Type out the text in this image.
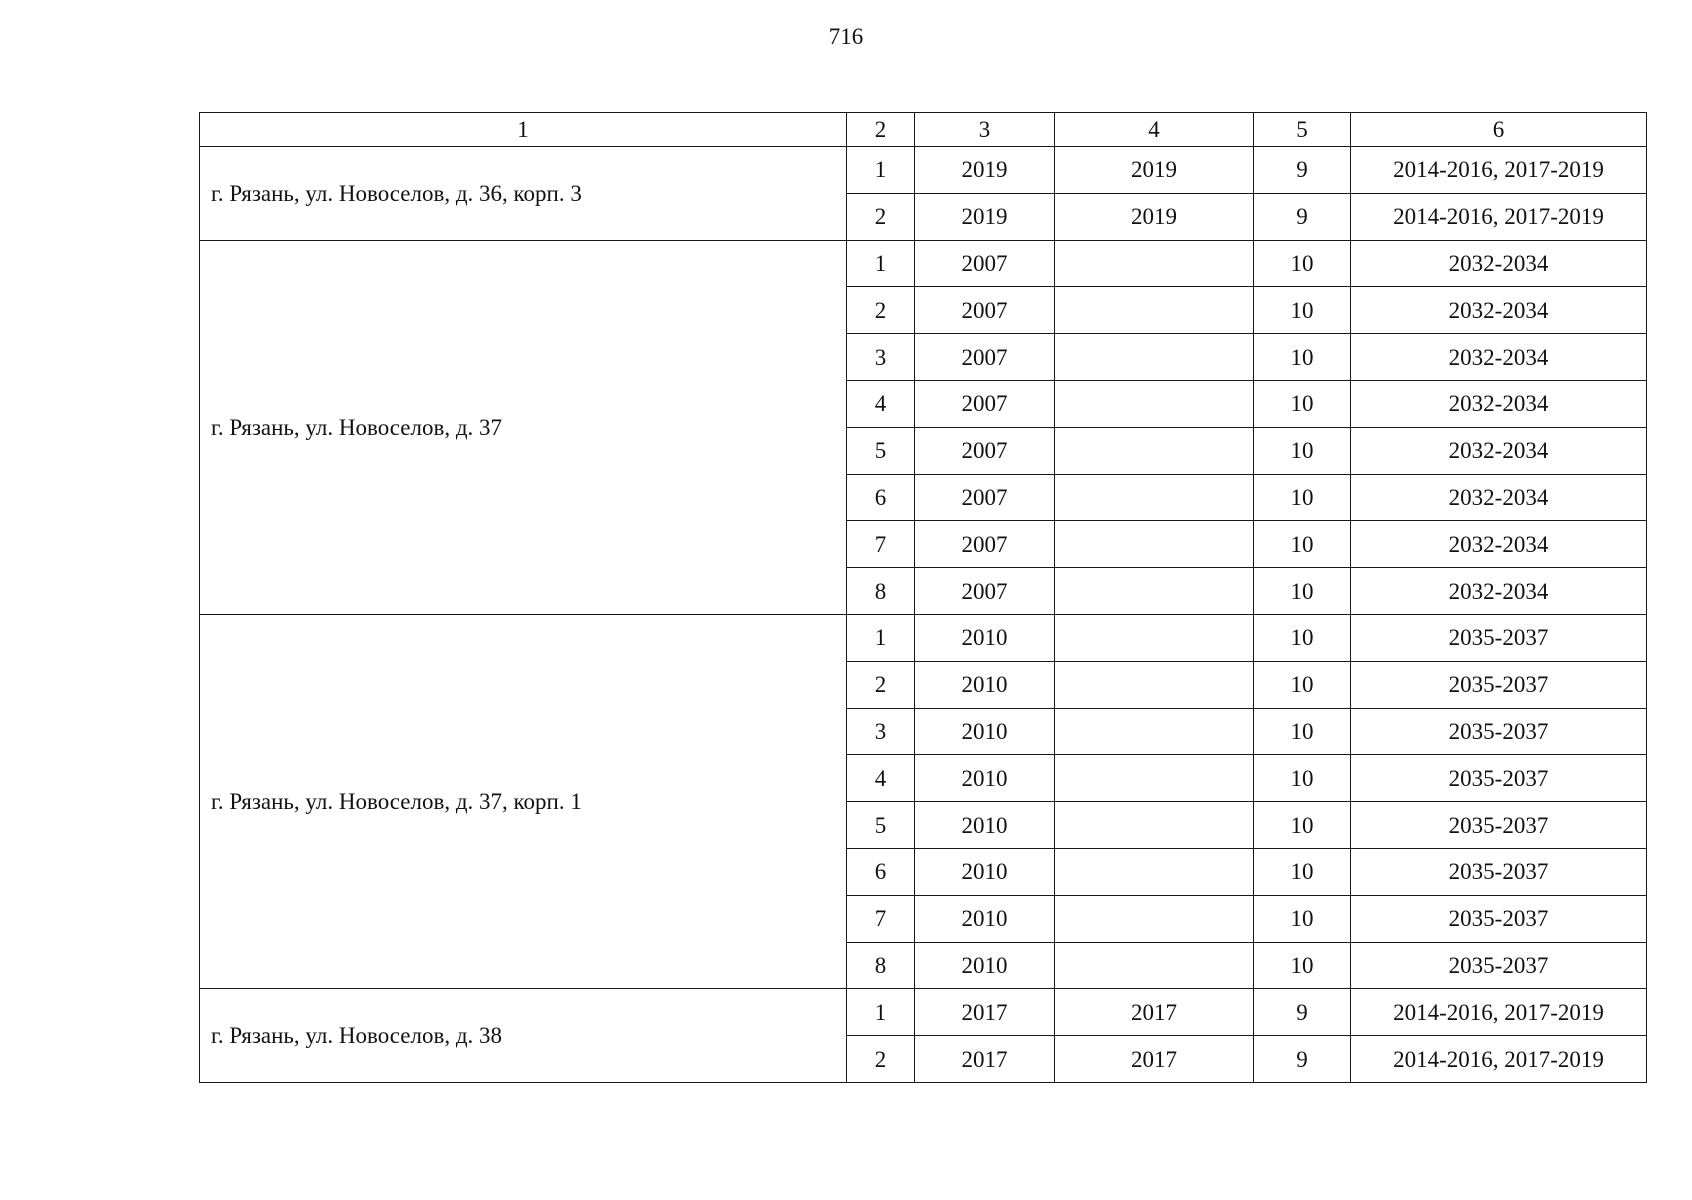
716
1	2	3	4	5	6
г. Рязань, ул. Новоселов, д. 36, корп. 3	1	2019	2019	9	2014-2016, 2017-2019
	2	2019	2019	9	2014-2016, 2017-2019
г. Рязань, ул. Новоселов, д. 37	1	2007		10	2032-2034
	2	2007		10	2032-2034
	3	2007		10	2032-2034
	4	2007		10	2032-2034
	5	2007		10	2032-2034
	6	2007		10	2032-2034
	7	2007		10	2032-2034
	8	2007		10	2032-2034
г. Рязань, ул. Новоселов, д. 37, корп. 1	1	2010		10	2035-2037
	2	2010		10	2035-2037
	3	2010		10	2035-2037
	4	2010		10	2035-2037
	5	2010		10	2035-2037
	6	2010		10	2035-2037
	7	2010		10	2035-2037
	8	2010		10	2035-2037
г. Рязань, ул. Новоселов, д. 38	1	2017	2017	9	2014-2016, 2017-2019
	2	2017	2017	9	2014-2016, 2017-2019
